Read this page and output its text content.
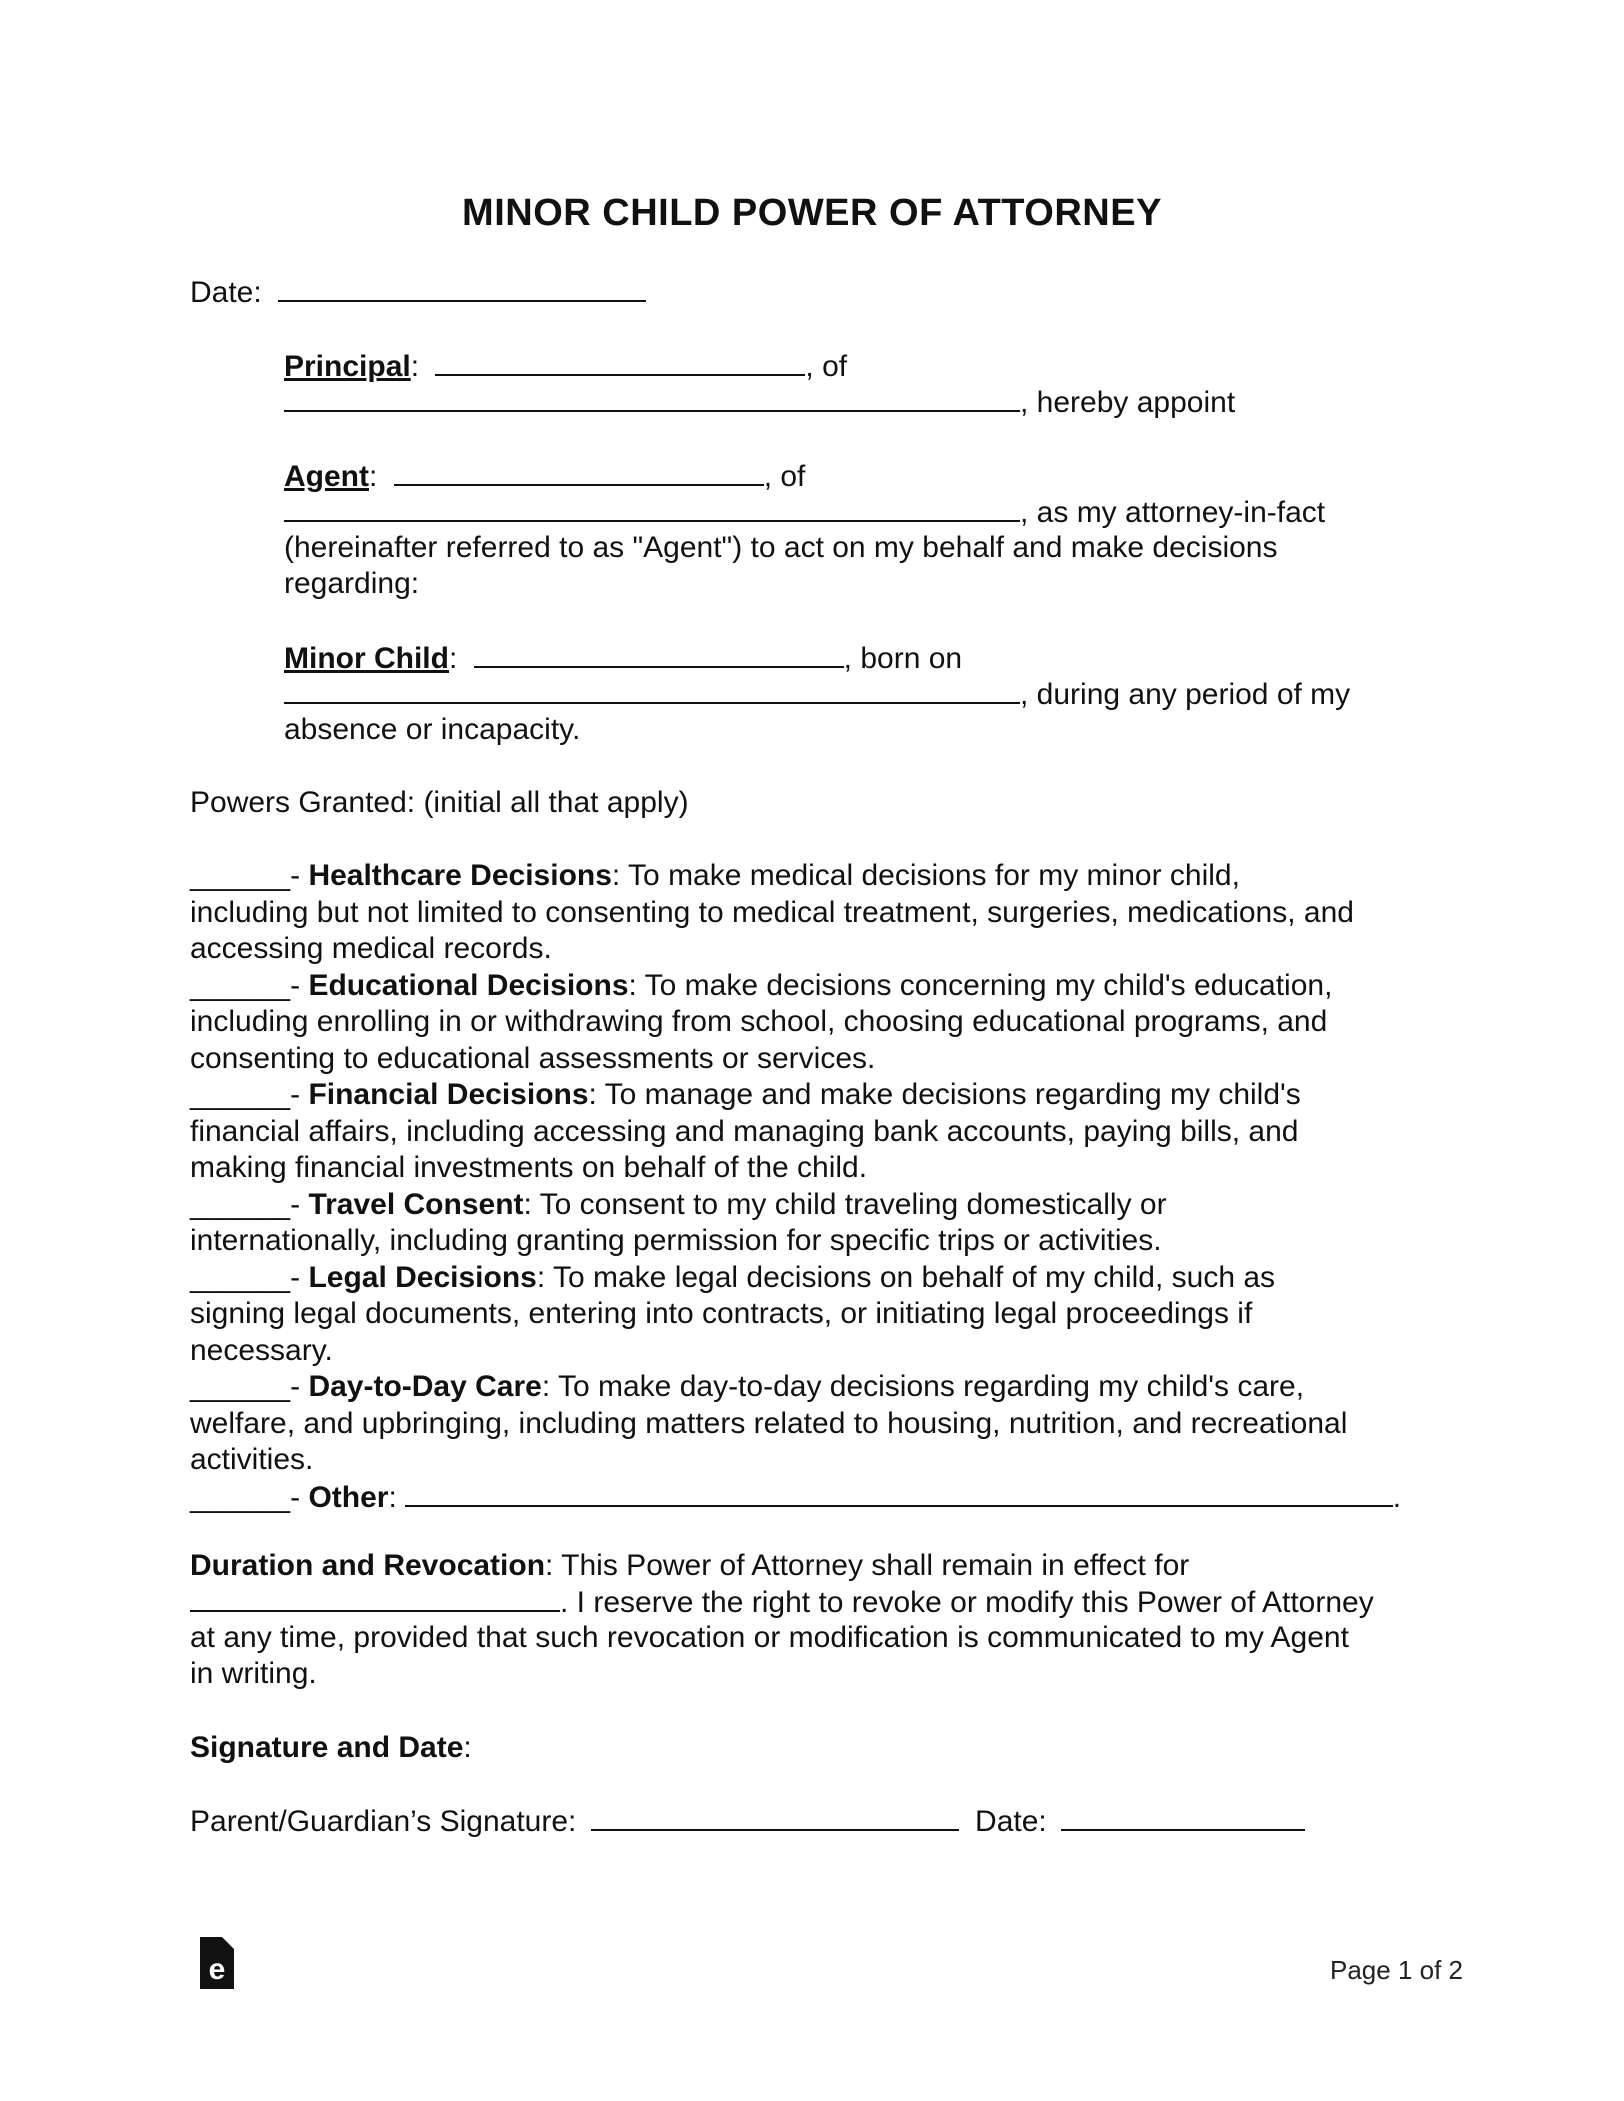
MINOR CHILD POWER OF ATTORNEY
Date:
Principal:	, of
, hereby appoint
Agent:	, of
, as my attorney-in-fact
(hereinafter referred to as "Agent") to act on my behalf and make decisions
regarding:
Minor Child:	, born on
, during any period of my
absence or incapacity.
Powers Granted: (initial all that apply)
______- Healthcare Decisions: To make medical decisions for my minor child,
including but not limited to consenting to medical treatment, surgeries, medications, and
accessing medical records.
______- Educational Decisions: To make decisions concerning my child's education,
including enrolling in or withdrawing from school, choosing educational programs, and
consenting to educational assessments or services.
______- Financial Decisions: To manage and make decisions regarding my child's
financial affairs, including accessing and managing bank accounts, paying bills, and
making financial investments on behalf of the child.
______- Travel Consent: To consent to my child traveling domestically or
internationally, including granting permission for specific trips or activities.
______- Legal Decisions: To make legal decisions on behalf of my child, such as
signing legal documents, entering into contracts, or initiating legal proceedings if
necessary.
______- Day-to-Day Care: To make day-to-day decisions regarding my child's care,
welfare, and upbringing, including matters related to housing, nutrition, and recreational
activities.
______- Other:	.
Duration and Revocation: This Power of Attorney shall remain in effect for
. I reserve the right to revoke or modify this Power of Attorney
at any time, provided that such revocation or modification is communicated to my Agent
in writing.
Signature and Date:
Parent/Guardian’s Signature:	Date:
e	Page 1 of 2
